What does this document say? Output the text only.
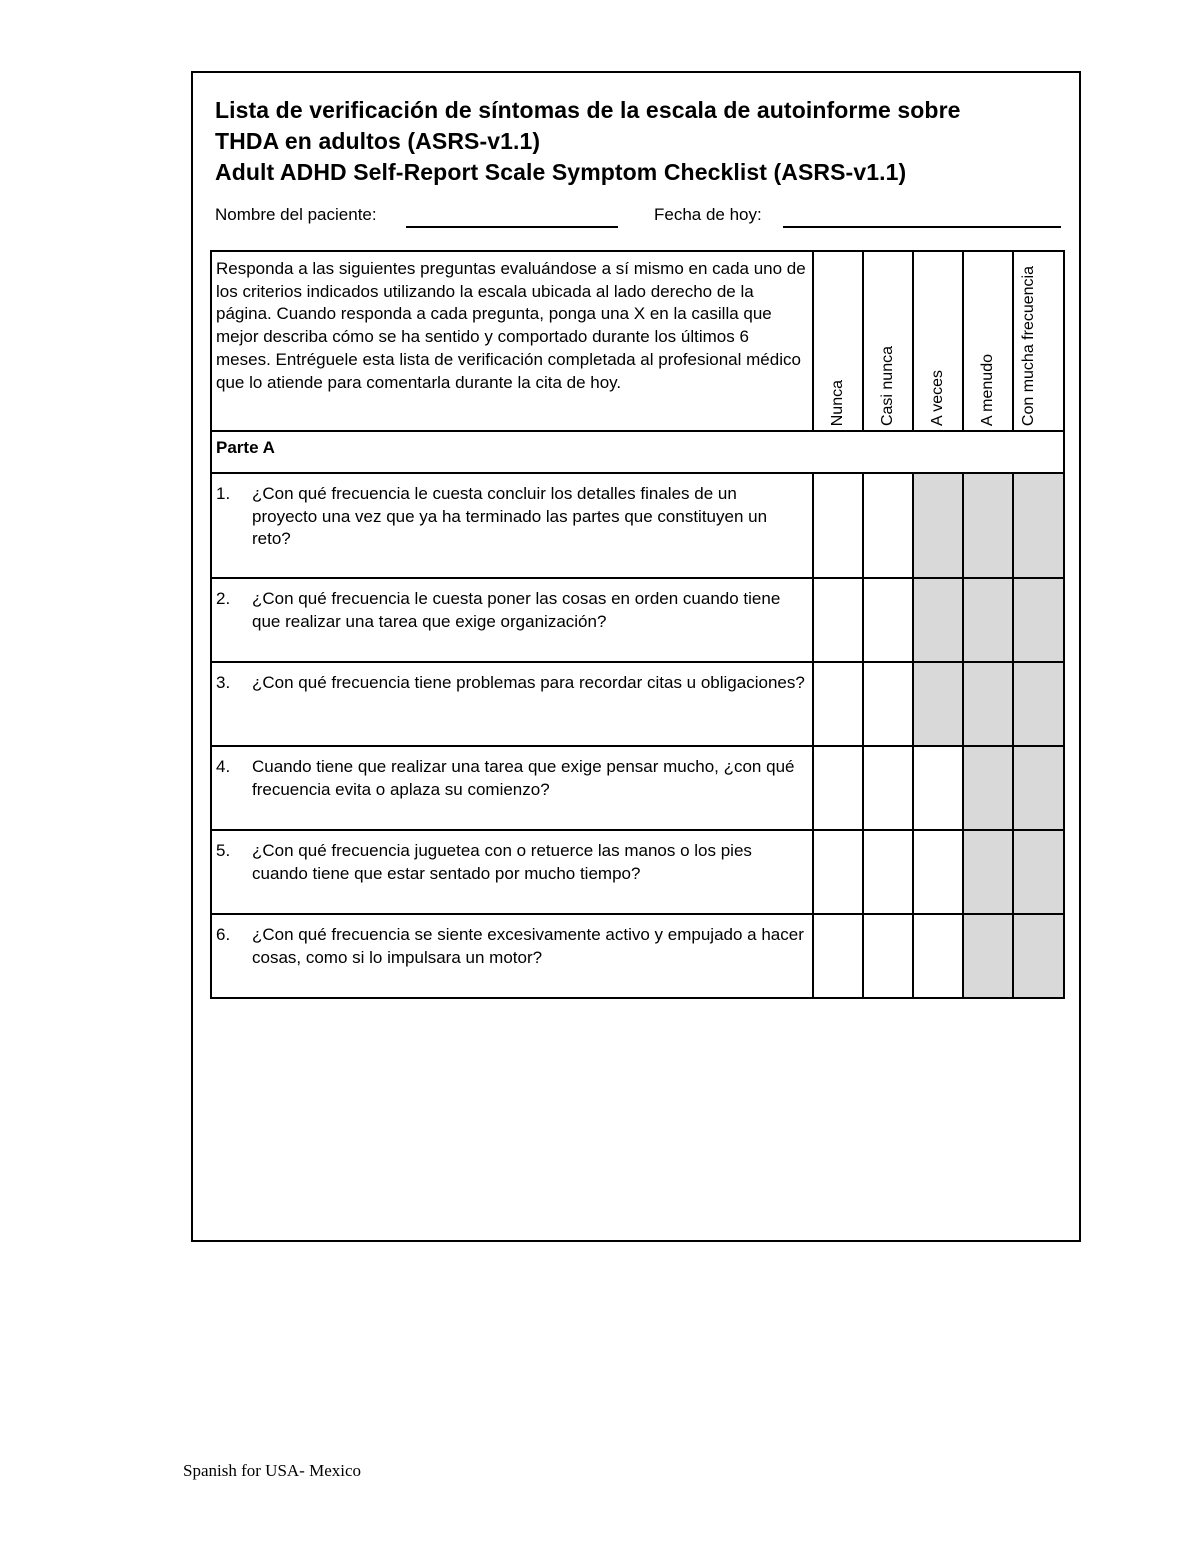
Lista de verificación de síntomas de la escala de autoinforme sobre
THDA en adultos (ASRS-v1.1)
Adult ADHD Self-Report Scale Symptom Checklist (ASRS-v1.1)
Nombre del paciente:	Fecha de hoy:
Responda a las siguientes preguntas evaluándose a sí mismo en cada uno de los criterios indicados utilizando la escala ubicada al lado derecho de la página. Cuando responda a cada pregunta, ponga una X en la casilla que mejor describa cómo se ha sentido y comportado durante los últimos 6 meses. Entréguele esta lista de verificación completada al profesional médico que lo atiende para comentarla durante la cita de hoy.	Nunca	Casi nunca	A veces	A menudo	Con mucha frecuencia

Parte A					

1. ¿Con qué frecuencia le cuesta concluir los detalles finales de un proyecto una vez que ya ha terminado las partes que constituyen un reto?					

2. ¿Con qué frecuencia le cuesta poner las cosas en orden cuando tiene que realizar una tarea que exige organización?					

3. ¿Con qué frecuencia tiene problemas para recordar citas u obligaciones?					

4. Cuando tiene que realizar una tarea que exige pensar mucho, ¿con qué frecuencia evita o aplaza su comienzo?					

5. ¿Con qué frecuencia juguetea con o retuerce las manos o los pies cuando tiene que estar sentado por mucho tiempo?					

6. ¿Con qué frecuencia se siente excesivamente activo y empujado a hacer cosas, como si lo impulsara un motor?					

Spanish for USA- Mexico
